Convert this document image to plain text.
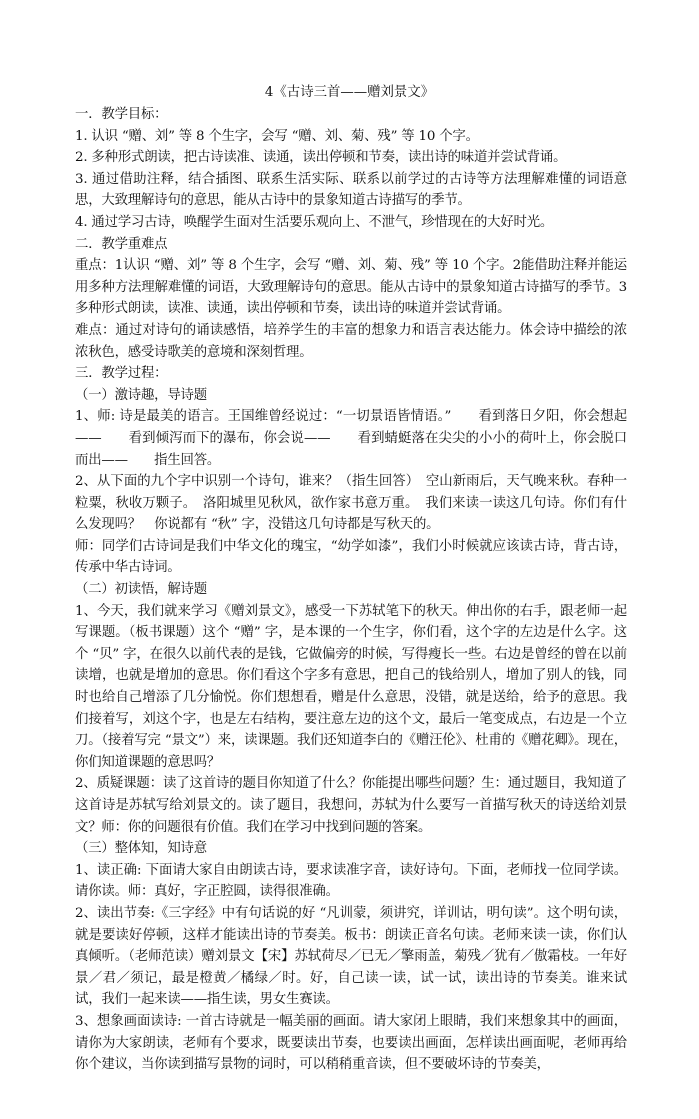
4《古诗三首——赠刘景文》

一．教学目标：

1. 认识 “赠、刘” 等 8 个生字，会写 “赠、刘、菊、残” 等 10 个字。

2. 多种形式朗读，把古诗读准、读通，读出停顿和节奏，读出诗的味道并尝试背诵。

3. 通过借助注释，结合插图、联系生活实际、联系以前学过的古诗等方法理解难懂的词语意思，大致理解诗句的意思，能从古诗中的景象知道古诗描写的季节。

4. 通过学习古诗，唤醒学生面对生活要乐观向上、不泄气，珍惜现在的大好时光。

二．教学重难点

重点：1认识 “赠、刘” 等 8 个生字，会写 “赠、刘、菊、残” 等 10 个字。2能借助注释并能运用多种方法理解难懂的词语，大致理解诗句的意思。能从古诗中的景象知道古诗描写的季节。3多种形式朗读，读准、读通，读出停顿和节奏，读出诗的味道并尝试背诵。

难点：通过对诗句的诵读感悟，培养学生的丰富的想象力和语言表达能力。体会诗中描绘的浓浓秋色，感受诗歌美的意境和深刻哲理。

三．教学过程：

（一）激诗趣，导诗题

1、师: 诗是最美的语言。王国维曾经说过：“一切景语皆情语。”　　看到落日夕阳，你会想起——　　看到倾泻而下的瀑布，你会说——　　看到蜻蜓落在尖尖的小小的荷叶上，你会脱口而出——　　指生回答。

2、从下面的九个字中识别一个诗句，谁来？（指生回答）　空山新雨后，天气晚来秋。春种一粒粟，秋收万颗子。　洛阳城里见秋风，欲作家书意万重。　我们来读一读这几句诗。你们有什么发现吗？　你说都有 “秋” 字，没错这几句诗都是写秋天的。

师：同学们古诗词是我们中华文化的瑰宝，“幼学如漆”，我们小时候就应该读古诗，背古诗，传承中华古诗词。

（二）初读悟，解诗题

1、今天，我们就来学习《赠刘景文》，感受一下苏轼笔下的秋天。伸出你的右手，跟老师一起写课题。（板书课题）这个 “赠” 字，是本课的一个生字，你们看，这个字的左边是什么字。这个 “贝” 字，在很久以前代表的是钱，它做偏旁的时候，写得瘦长一些。右边是曾经的曾在以前读增，也就是增加的意思。你们看这个字多有意思，把自己的钱给别人，增加了别人的钱，同时也给自己增添了几分愉悦。你们想想看，赠是什么意思，没错，就是送给，给予的意思。我们接着写，刘这个字，也是左右结构，要注意左边的这个文，最后一笔变成点，右边是一个立刀。（接着写完 “景文”）来，读课题。我们还知道李白的《赠汪伦》、杜甫的《赠花卿》。现在，你们知道课题的意思吗？

2、质疑课题：读了这首诗的题目你知道了什么？你能提出哪些问题？生：通过题目，我知道了这首诗是苏轼写给刘景文的。读了题目，我想问，苏轼为什么要写一首描写秋天的诗送给刘景文？师：你的问题很有价值。我们在学习中找到问题的答案。

（三）整体知，知诗意

1、读正确: 下面请大家自由朗读古诗，要求读准字音，读好诗句。下面，老师找一位同学读。请你读。师：真好，字正腔圆，读得很准确。

2、读出节奏:《三字经》中有句话说的好 “凡训蒙，须讲究，详训诂，明句读”。这个明句读，就是要读好停顿，这样才能读出诗的节奏美。板书：朗读正音名句读。老师来读一读，你们认真倾听。（老师范读）赠刘景文【宋】苏轼荷尽／已无／擎雨盖，菊残／犹有／傲霜枝。一年好景／君／须记，最是橙黄／橘绿／时。好，自己读一读，试一试，读出诗的节奏美。谁来试试，我们一起来读——指生读，男女生赛读。

3、想象画面读诗: 一首古诗就是一幅美丽的画面。请大家闭上眼睛，我们来想象其中的画面，请你为大家朗读，老师有个要求，既要读出节奏，也要读出画面，怎样读出画面呢，老师再给你个建议，当你读到描写景物的词时，可以稍稍重音读，但不要破坏诗的节奏美，
